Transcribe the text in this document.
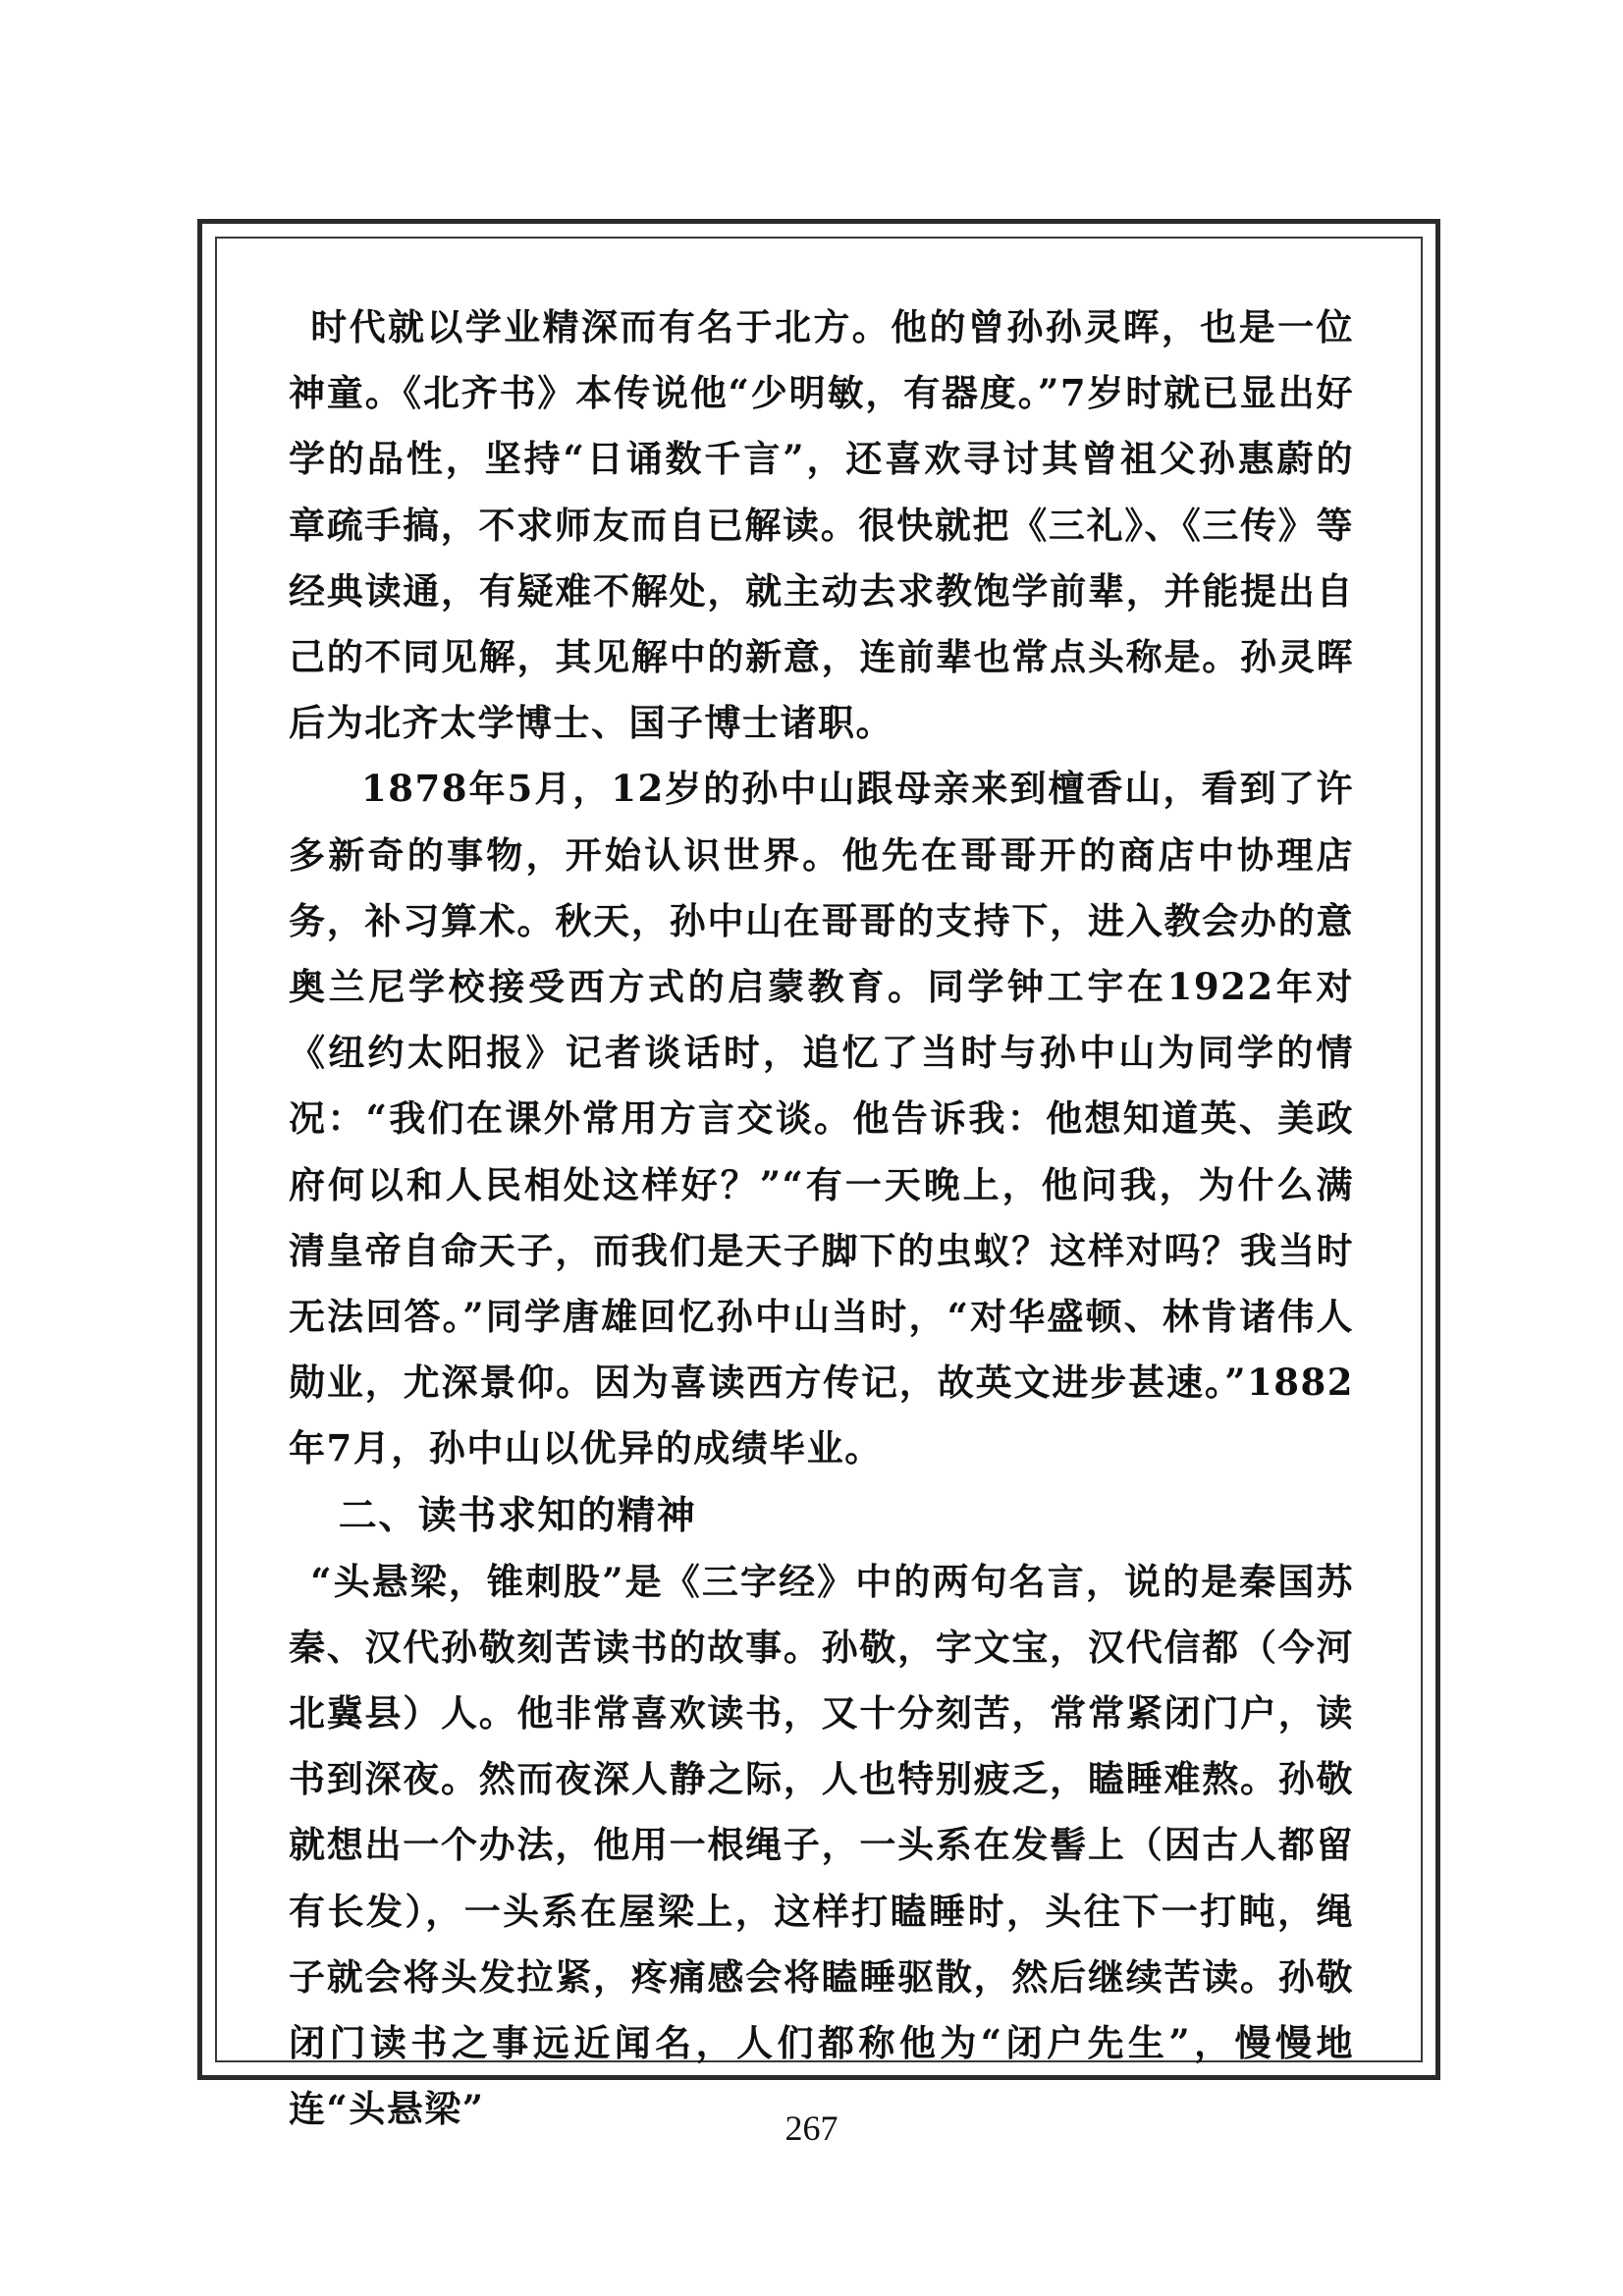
时代就以学业精深而有名于北方。他的曾孙孙灵晖，也是一位神童。《北齐书》本传说他“少明敏，有器度。”7岁时就已显出好学的品性，坚持“日诵数千言”，还喜欢寻讨其曾祖父孙惠蔚的章疏手搞，不求师友而自已解读。很快就把《三礼》、《三传》等经典读通，有疑难不解处，就主动去求教饱学前辈，并能提出自己的不同见解，其见解中的新意，连前辈也常点头称是。孙灵晖后为北齐太学博士、国子博士诸职。

1878年5月，12岁的孙中山跟母亲来到檀香山，看到了许多新奇的事物，开始认识世界。他先在哥哥开的商店中协理店务，补习算术。秋天，孙中山在哥哥的支持下，进入教会办的意奥兰尼学校接受西方式的启蒙教育。同学钟工宇在1922年对《纽约太阳报》记者谈话时，追忆了当时与孙中山为同学的情况：“我们在课外常用方言交谈。他告诉我：他想知道英、美政府何以和人民相处这样好？”“有一天晚上，他问我，为什么满清皇帝自命天子，而我们是天子脚下的虫蚁？这样对吗？我当时无法回答。”同学唐雄回忆孙中山当时，“对华盛顿、林肯诸伟人勋业，尤深景仰。因为喜读西方传记，故英文进步甚速。”1882年7月，孙中山以优异的成绩毕业。

二、读书求知的精神

“头悬梁，锥刺股”是《三字经》中的两句名言，说的是秦国苏秦、汉代孙敬刻苦读书的故事。孙敬，字文宝，汉代信都（今河北冀县）人。他非常喜欢读书，又十分刻苦，常常紧闭门户，读书到深夜。然而夜深人静之际，人也特别疲乏，瞌睡难熬。孙敬就想出一个办法，他用一根绳子，一头系在发髻上（因古人都留有长发），一头系在屋梁上，这样打瞌睡时，头往下一打盹，绳子就会将头发拉紧，疼痛感会将瞌睡驱散，然后继续苦读。孙敬闭门读书之事远近闻名，人们都称他为“闭户先生”，慢慢地连“头悬梁”	267
